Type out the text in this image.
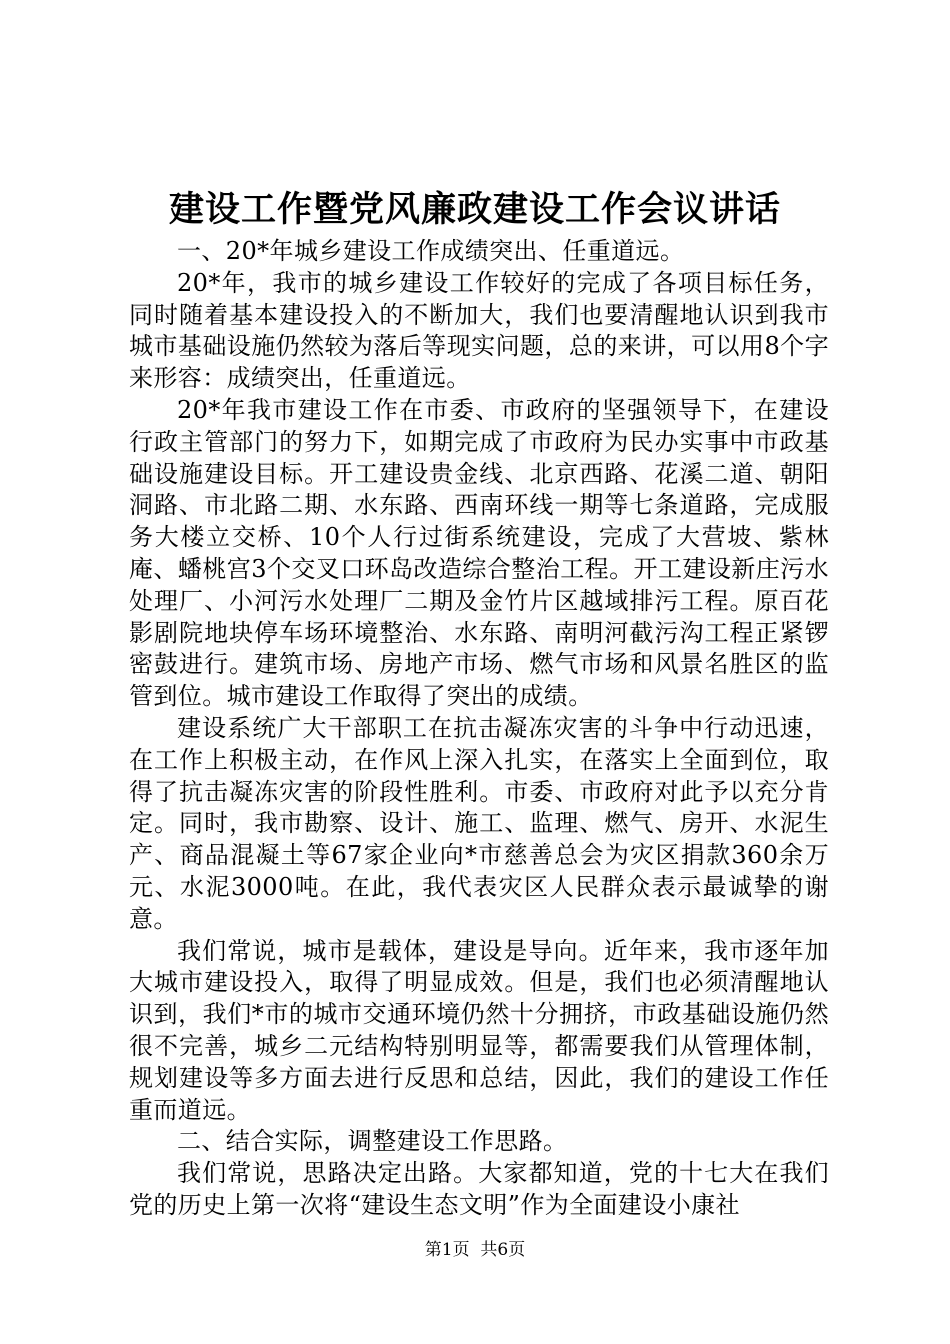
建设工作暨党风廉政建设工作会议讲话

一、20*年城乡建设工作成绩突出、任重道远。

20*年，我市的城乡建设工作较好的完成了各项目标任务，同时随着基本建设投入的不断加大，我们也要清醒地认识到我市城市基础设施仍然较为落后等现实问题，总的来讲，可以用8个字来形容：成绩突出，任重道远。

20*年我市建设工作在市委、市政府的坚强领导下，在建设行政主管部门的努力下，如期完成了市政府为民办实事中市政基础设施建设目标。开工建设贵金线、北京西路、花溪二道、朝阳洞路、市北路二期、水东路、西南环线一期等七条道路，完成服务大楼立交桥、10个人行过街系统建设，完成了大营坡、紫林庵、蟠桃宫3个交叉口环岛改造综合整治工程。开工建设新庄污水处理厂、小河污水处理厂二期及金竹片区越域排污工程。原百花影剧院地块停车场环境整治、水东路、南明河截污沟工程正紧锣密鼓进行。建筑市场、房地产市场、燃气市场和风景名胜区的监管到位。城市建设工作取得了突出的成绩。

建设系统广大干部职工在抗击凝冻灾害的斗争中行动迅速，在工作上积极主动，在作风上深入扎实，在落实上全面到位，取得了抗击凝冻灾害的阶段性胜利。市委、市政府对此予以充分肯定。同时，我市勘察、设计、施工、监理、燃气、房开、水泥生产、商品混凝土等67家企业向*市慈善总会为灾区捐款360余万元、水泥3000吨。在此，我代表灾区人民群众表示最诚挚的谢意。

我们常说，城市是载体，建设是导向。近年来，我市逐年加大城市建设投入，取得了明显成效。但是，我们也必须清醒地认识到，我们*市的城市交通环境仍然十分拥挤，市政基础设施仍然很不完善，城乡二元结构特别明显等，都需要我们从管理体制，规划建设等多方面去进行反思和总结，因此，我们的建设工作任重而道远。

二、结合实际，调整建设工作思路。

我们常说，思路决定出路。大家都知道，党的十七大在我们党的历史上第一次将“建设生态文明”作为全面建设小康社

第1页 共6页
